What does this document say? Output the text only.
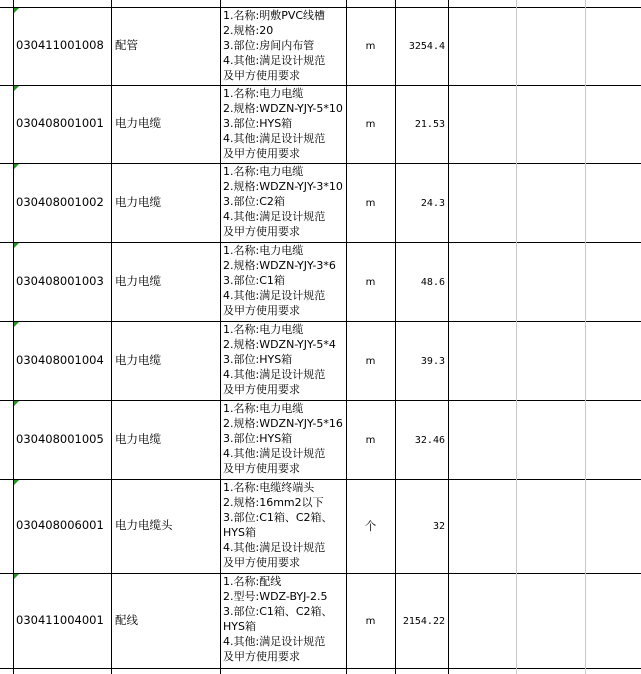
030411001008 配管
1.名称:明敷PVC线槽
2.规格:20
3.部位:房间内布管
4.其他:满足设计规范
及甲方使用要求
m	3254.4
030408001001 电力电缆
1.名称:电力电缆
2.规格:WDZN-YJY-5*10
3.部位:HYS箱
4.其他:满足设计规范
及甲方使用要求
m	21.53
030408001002 电力电缆
1.名称:电力电缆
2.规格:WDZN-YJY-3*10
3.部位:C2箱
4.其他:满足设计规范
及甲方使用要求
m	24.3
030408001003 电力电缆
1.名称:电力电缆
2.规格:WDZN-YJY-3*6
3.部位:C1箱
4.其他:满足设计规范
及甲方使用要求
m	48.6
030408001004 电力电缆
1.名称:电力电缆
2.规格:WDZN-YJY-5*4
3.部位:HYS箱
4.其他:满足设计规范
及甲方使用要求
m	39.3
030408001005 电力电缆
1.名称:电力电缆
2.规格:WDZN-YJY-5*16
3.部位:HYS箱
4.其他:满足设计规范
及甲方使用要求
m	32.46
030408006001 电力电缆头
1.名称:电缆终端头
2.规格:16mm2以下
3.部位:C1箱、C2箱、
HYS箱
4.其他:满足设计规范
及甲方使用要求
个	32
030411004001 配线
1.名称:配线
2.型号:WDZ-BYJ-2.5
3.部位:C1箱、C2箱、
HYS箱
4.其他:满足设计规范
及甲方使用要求
m	2154.22
